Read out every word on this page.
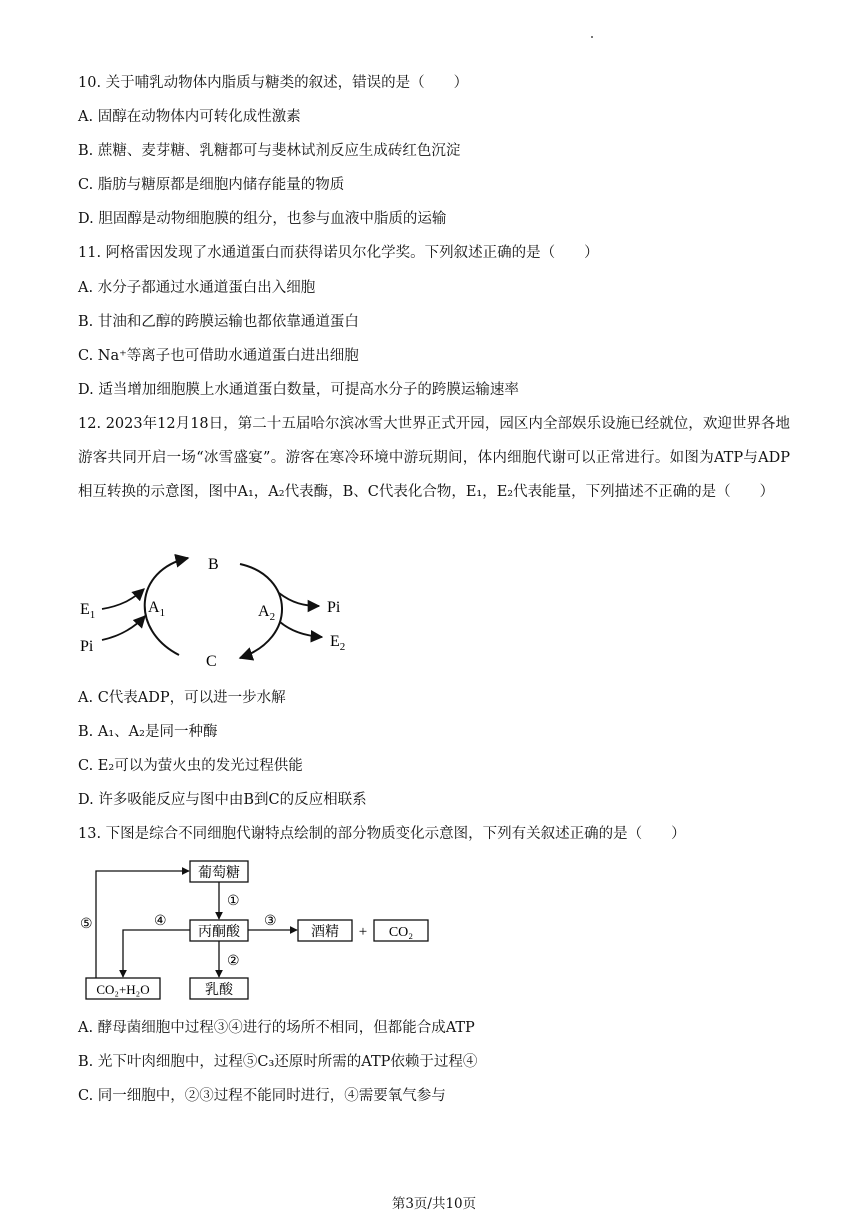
10. 关于哺乳动物体内脂质与糖类的叙述，错误的是（　　）
A. 固醇在动物体内可转化成性激素
B. 蔗糖、麦芽糖、乳糖都可与斐林试剂反应生成砖红色沉淀
C. 脂肪与糖原都是细胞内储存能量的物质
D. 胆固醇是动物细胞膜的组分，也参与血液中脂质的运输
11. 阿格雷因发现了水通道蛋白而获得诺贝尔化学奖。下列叙述正确的是（　　）
A. 水分子都通过水通道蛋白出入细胞
B. 甘油和乙醇的跨膜运输也都依靠通道蛋白
C. Na⁺等离子也可借助水通道蛋白进出细胞
D. 适当增加细胞膜上水通道蛋白数量，可提高水分子的跨膜运输速率
12. 2023年12月18日，第二十五届哈尔滨冰雪大世界正式开园，园区内全部娱乐设施已经就位，欢迎世界各地游客共同开启一场“冰雪盛宴”。游客在寒冷环境中游玩期间，体内细胞代谢可以正常进行。如图为ATP与ADP相互转换的示意图，图中A₁，A₂代表酶，B、C代表化合物，E₁，E₂代表能量，下列描述不正确的是（　　）
B
C
$A_1$	$A_2$
$E_1$
Pi
Pi
$E_2$
A. C代表ADP，可以进一步水解
B. A₁、A₂是同一种酶
C. E₂可以为萤火虫的发光过程供能
D. 许多吸能反应与图中由B到C的反应相联系
13. 下图是综合不同细胞代谢特点绘制的部分物质变化示意图，下列有关叙述正确的是（　　）
葡萄糖
丙酮酸	酒精 + CO₂
CO₂+H₂O	乳酸
①
②
③
④
⑤
A. 酵母菌细胞中过程③④进行的场所不相同，但都能合成ATP
B. 光下叶肉细胞中，过程⑤C₃还原时所需的ATP依赖于过程④
C. 同一细胞中，②③过程不能同时进行，④需要氧气参与
第3页/共10页
